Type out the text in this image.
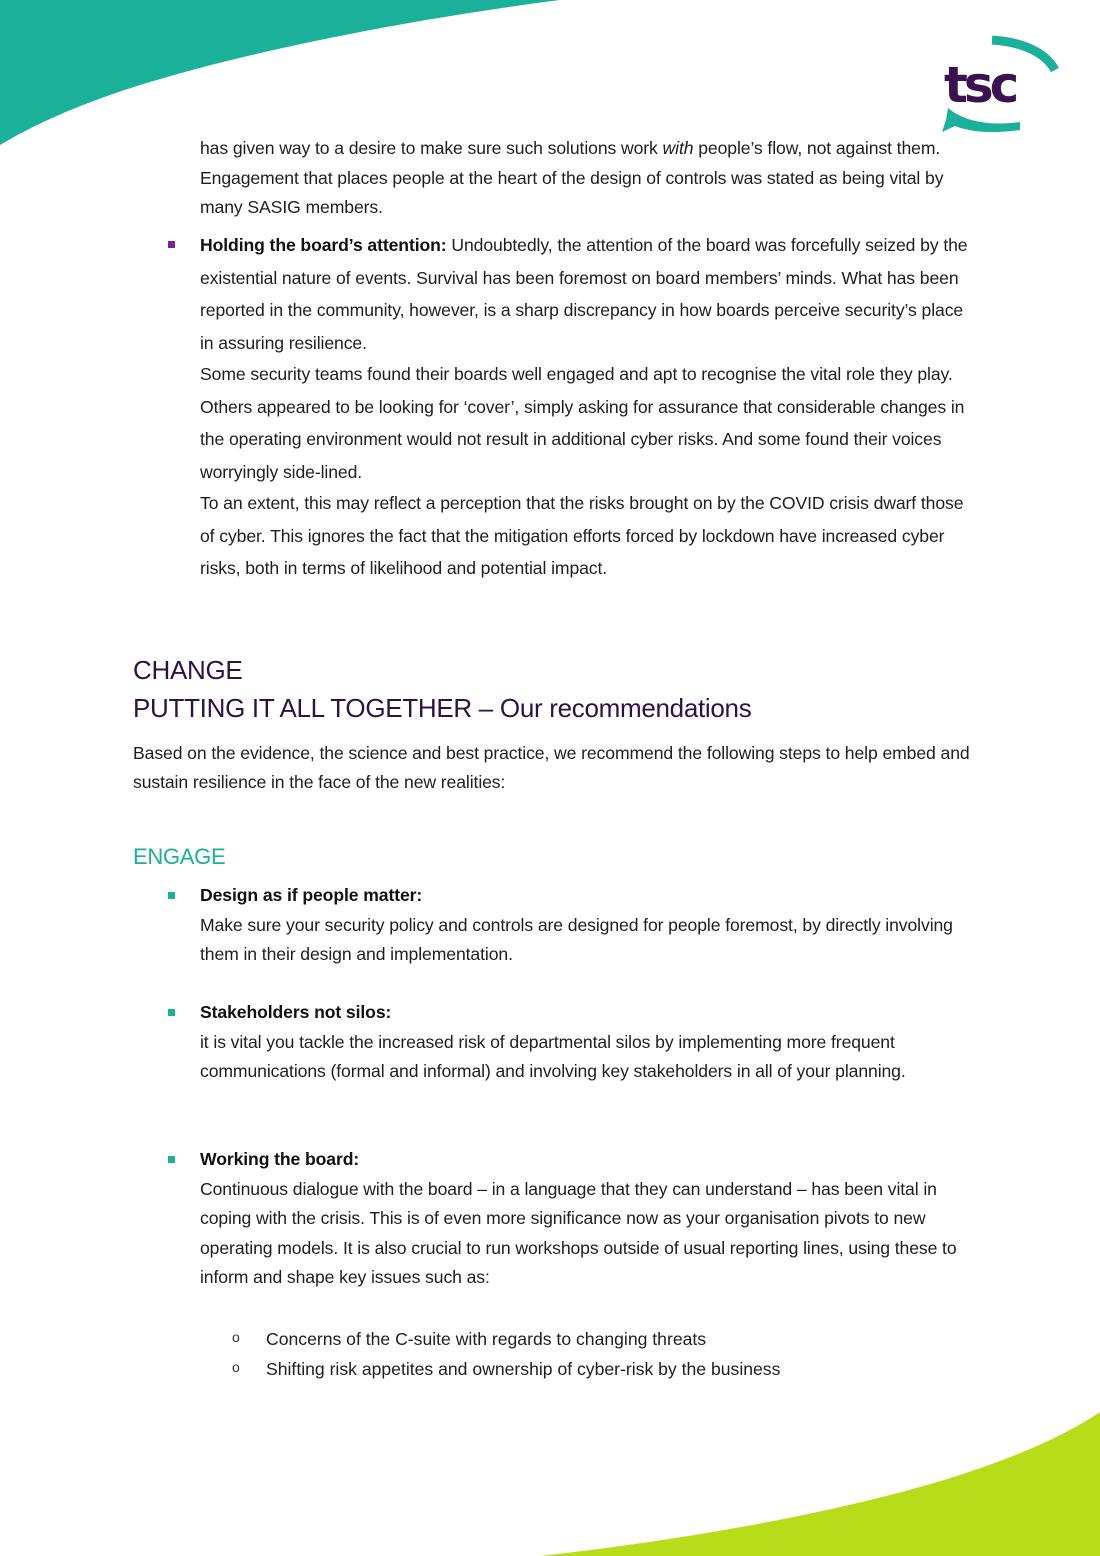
tsc
has given way to a desire to make sure such solutions work with people’s flow, not against them. Engagement that places people at the heart of the design of controls was stated as being vital by many SASIG members.
Holding the board’s attention: Undoubtedly, the attention of the board was forcefully seized by the existential nature of events. Survival has been foremost on board members’ minds. What has been reported in the community, however, is a sharp discrepancy in how boards perceive security’s place in assuring resilience.
Some security teams found their boards well engaged and apt to recognise the vital role they play. Others appeared to be looking for ‘cover’, simply asking for assurance that considerable changes in the operating environment would not result in additional cyber risks. And some found their voices worryingly side-lined.
To an extent, this may reflect a perception that the risks brought on by the COVID crisis dwarf those of cyber. This ignores the fact that the mitigation efforts forced by lockdown have increased cyber risks, both in terms of likelihood and potential impact.
CHANGE
PUTTING IT ALL TOGETHER – Our recommendations
Based on the evidence, the science and best practice, we recommend the following steps to help embed and sustain resilience in the face of the new realities:
ENGAGE
Design as if people matter:
Make sure your security policy and controls are designed for people foremost, by directly involving them in their design and implementation.
Stakeholders not silos:
it is vital you tackle the increased risk of departmental silos by implementing more frequent communications (formal and informal) and involving key stakeholders in all of your planning.
Working the board:
Continuous dialogue with the board – in a language that they can understand – has been vital in coping with the crisis. This is of even more significance now as your organisation pivots to new operating models. It is also crucial to run workshops outside of usual reporting lines, using these to inform and shape key issues such as:
o Concerns of the C-suite with regards to changing threats
o Shifting risk appetites and ownership of cyber-risk by the business
